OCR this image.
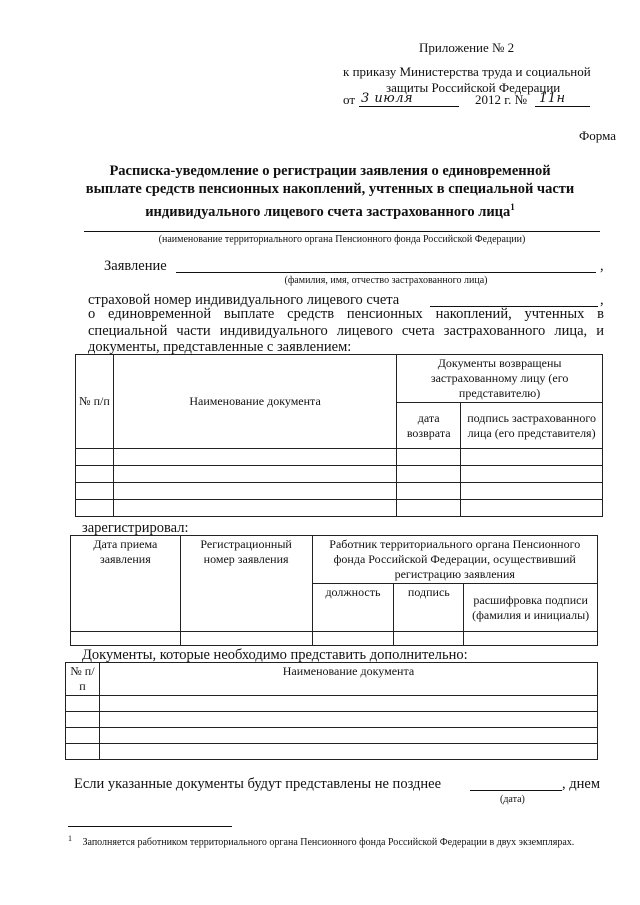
Приложение № 2
к приказу Министерства труда и социальной
защиты Российской Федерации
от 3 июля	2012 г. № 11н
Форма
Расписка-уведомление о регистрации заявления о единовременной
выплате средств пенсионных накоплений, учтенных в специальной части
индивидуального лицевого счета застрахованного лица$^1$
(наименование территориального органа Пенсионного фонда Российской Федерации)
Заявление	,
(фамилия, имя, отчество застрахованного лица)
страховой номер индивидуального лицевого счета	,
о единовременной выплате средств пенсионных накоплений, учтенных в
специальной части индивидуального лицевого счета застрахованного лица, и
документы, представленные с заявлением:
№ п/п	Наименование документа	Документы возвращены застрахованному лицу (его представителю)	
		дата возврата	подпись застрахованного лица (его представителя)

зарегистрировал:
Дата приема заявления	Регистрационный номер заявления	Работник территориального органа Пенсионного фонда Российской Федерации, осуществивший регистрацию заявления		
		должность	подпись	расшифровка подписи (фамилия и инициалы)

Документы, которые необходимо представить дополнительно:
№ п/п	Наименование документа

Если указанные документы будут представлены не позднее	, днем
(дата)
$^1$ Заполняется работником территориального органа Пенсионного фонда Российской Федерации в двух экземплярах.
